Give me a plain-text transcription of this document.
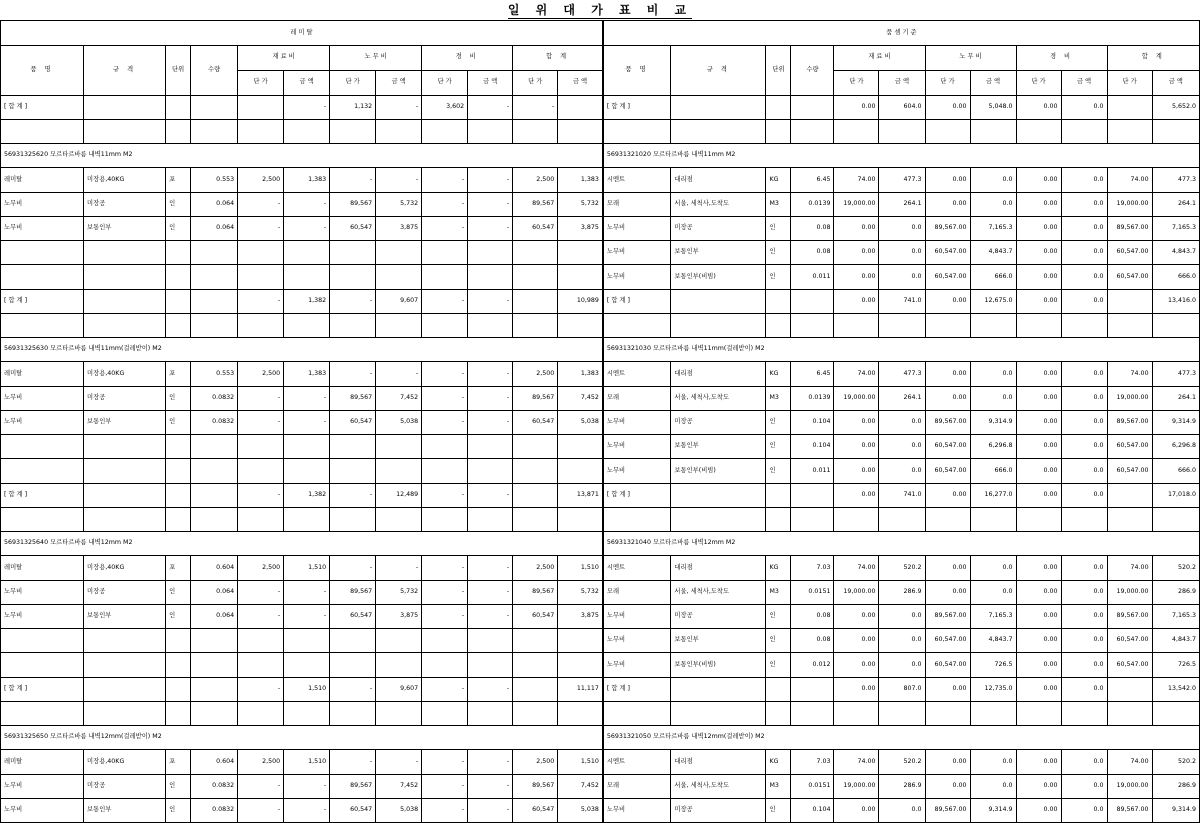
일 위 대 가 표 비 교
레 미 탈												품 셈 기 준											
품 명	규 격	단위	수량	재 료 비		노 무 비		경 비		합 계		품 명	규 격	단위	수량	재 료 비		노 무 비		경 비		합 계	
				단 가	금 액	단 가	금 액	단 가	금 액	단 가	금 액					단 가	금 액	단 가	금 액	단 가	금 액	단 가	금 액
[ 합 계 ]					-	1,132	-	3,602	-	-		[ 합 계 ]				0.00	604.0	0.00	5,048.0	0.00	0.0		5,652.0

56931325620 모르타르바름 내벽11mm M2												56931321020 모르타르바름 내벽11mm M2											
레미탈	미장용,40KG	포	0.553	2,500	1,383	-	-	-	-	2,500	1,383	시멘트	대리점	KG	6.45	74.00	477.3	0.00	0.0	0.00	0.0	74.00	477.3
노무비	미장공	인	0.064	-	-	89,567	5,732	-	-	89,567	5,732	모래	서울, 세척사,도착도	M3	0.0139	19,000.00	264.1	0.00	0.0	0.00	0.0	19,000.00	264.1
노무비	보통인부	인	0.064	-	-	60,547	3,875	-	-	60,547	3,875	노무비	미장공	인	0.08	0.00	0.0	89,567.00	7,165.3	0.00	0.0	89,567.00	7,165.3
												노무비	보통인부	인	0.08	0.00	0.0	60,547.00	4,843.7	0.00	0.0	60,547.00	4,843.7
												노무비	보통인부(비빔)	인	0.011	0.00	0.0	60,547.00	666.0	0.00	0.0	60,547.00	666.0
[ 합 계 ]				-	1,382	-	9,607	-	-		10,989	[ 합 계 ]				0.00	741.0	0.00	12,675.0	0.00	0.0		13,416.0

56931325630 모르타르바름 내벽11mm(걸레받이) M2												56931321030 모르타르바름 내벽11mm(걸레받이) M2											
레미탈	미장용,40KG	포	0.553	2,500	1,383	-	-	-	-	2,500	1,383	시멘트	대리점	KG	6.45	74.00	477.3	0.00	0.0	0.00	0.0	74.00	477.3
노무비	미장공	인	0.0832	-	-	89,567	7,452	-	-	89,567	7,452	모래	서울, 세척사,도착도	M3	0.0139	19,000.00	264.1	0.00	0.0	0.00	0.0	19,000.00	264.1
노무비	보통인부	인	0.0832	-	-	60,547	5,038	-	-	60,547	5,038	노무비	미장공	인	0.104	0.00	0.0	89,567.00	9,314.9	0.00	0.0	89,567.00	9,314.9
												노무비	보통인부	인	0.104	0.00	0.0	60,547.00	6,296.8	0.00	0.0	60,547.00	6,296.8
												노무비	보통인부(비빔)	인	0.011	0.00	0.0	60,547.00	666.0	0.00	0.0	60,547.00	666.0
[ 합 계 ]				-	1,382	-	12,489	-	-		13,871	[ 합 계 ]				0.00	741.0	0.00	16,277.0	0.00	0.0		17,018.0

56931325640 모르타르바름 내벽12mm M2												56931321040 모르타르바름 내벽12mm M2											
레미탈	미장용,40KG	포	0.604	2,500	1,510	-	-	-	-	2,500	1,510	시멘트	대리점	KG	7.03	74.00	520.2	0.00	0.0	0.00	0.0	74.00	520.2
노무비	미장공	인	0.064	-	-	89,567	5,732	-	-	89,567	5,732	모래	서울, 세척사,도착도	M3	0.0151	19,000.00	286.9	0.00	0.0	0.00	0.0	19,000.00	286.9
노무비	보통인부	인	0.064	-	-	60,547	3,875	-	-	60,547	3,875	노무비	미장공	인	0.08	0.00	0.0	89,567.00	7,165.3	0.00	0.0	89,567.00	7,165.3
												노무비	보통인부	인	0.08	0.00	0.0	60,547.00	4,843.7	0.00	0.0	60,547.00	4,843.7
												노무비	보통인부(비빔)	인	0.012	0.00	0.0	60,547.00	726.5	0.00	0.0	60,547.00	726.5
[ 합 계 ]				-	1,510	-	9,607	-	-		11,117	[ 합 계 ]				0.00	807.0	0.00	12,735.0	0.00	0.0		13,542.0

56931325650 모르타르바름 내벽12mm(걸레받이) M2												56931321050 모르타르바름 내벽12mm(걸레받이) M2											
레미탈	미장용,40KG	포	0.604	2,500	1,510	-	-	-	-	2,500	1,510	시멘트	대리점	KG	7.03	74.00	520.2	0.00	0.0	0.00	0.0	74.00	520.2
노무비	미장공	인	0.0832	-	-	89,567	7,452	-	-	89,567	7,452	모래	서울, 세척사,도착도	M3	0.0151	19,000.00	286.9	0.00	0.0	0.00	0.0	19,000.00	286.9
노무비	보통인부	인	0.0832	-	-	60,547	5,038	-	-	60,547	5,038	노무비	미장공	인	0.104	0.00	0.0	89,567.00	9,314.9	0.00	0.0	89,567.00	9,314.9
